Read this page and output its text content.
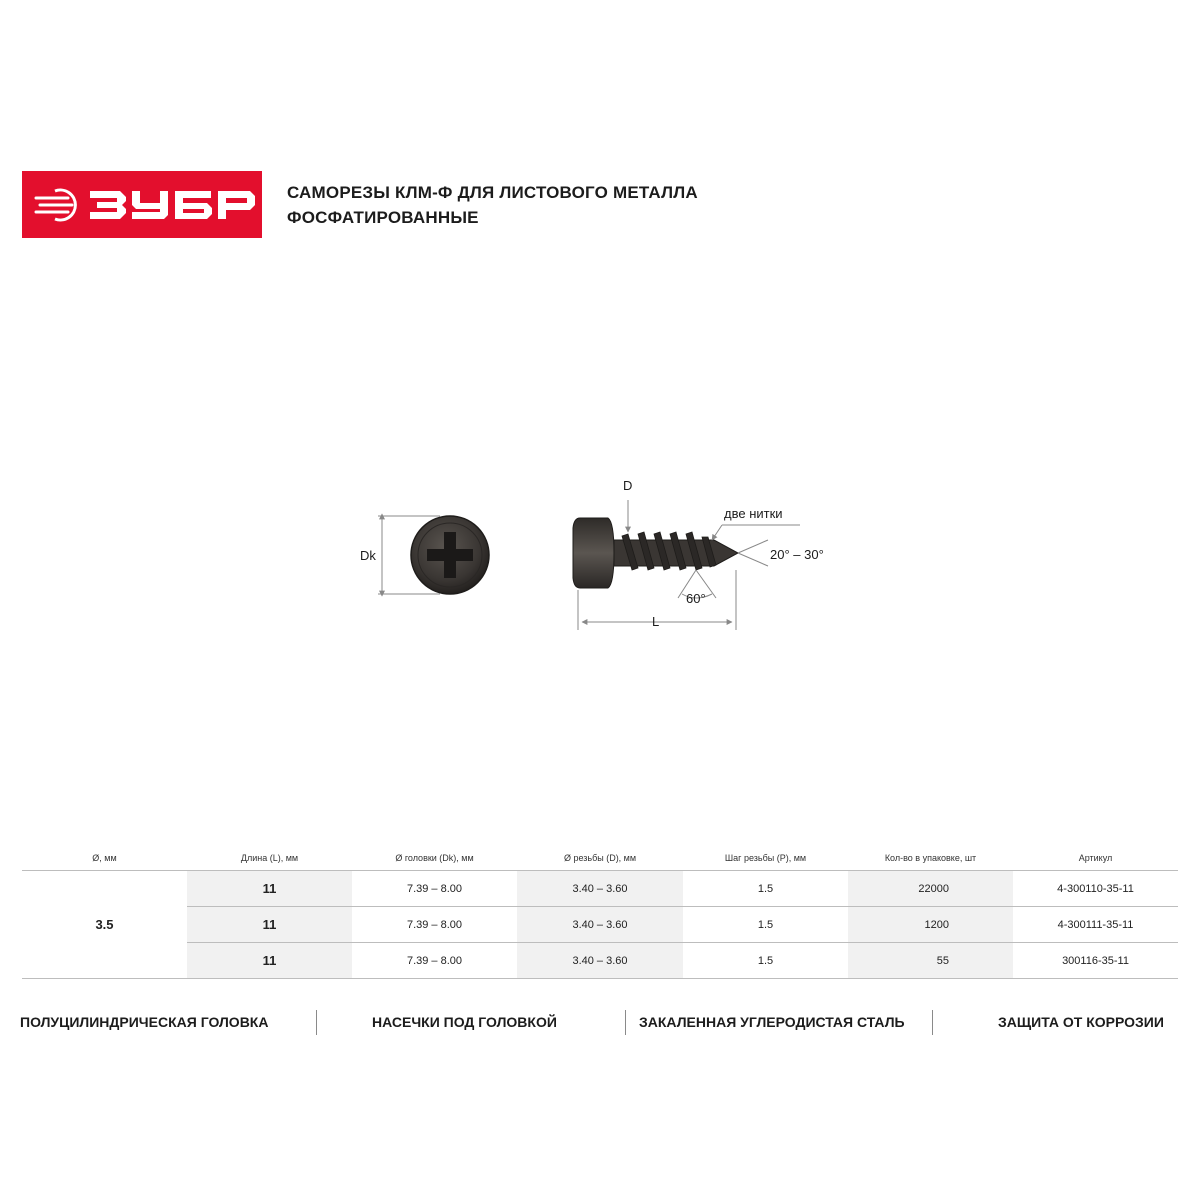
САМОРЕЗЫ КЛМ-Ф ДЛЯ ЛИСТОВОГО МЕТАЛЛА
ФОСФАТИРОВАННЫЕ
Dk
D
две нитки
20° – 30°
60°
L
Ø, мм	Длина (L), мм	Ø головки (Dk), мм	Ø резьбы (D), мм	Шаг резьбы (P), мм	Кол-во в упаковке, шт	Артикул
3.5	11	7.39 – 8.00	3.40 – 3.60	1.5	22000	4-300110-35-11
	11	7.39 – 8.00	3.40 – 3.60	1.5	1200	4-300111-35-11
	11	7.39 – 8.00	3.40 – 3.60	1.5	55	300116-35-11
ПОЛУЦИЛИНДРИЧЕСКАЯ ГОЛОВКА	НАСЕЧКИ ПОД ГОЛОВКОЙ	ЗАКАЛЕННАЯ УГЛЕРОДИСТАЯ СТАЛЬ	ЗАЩИТА ОТ КОРРОЗИИ
